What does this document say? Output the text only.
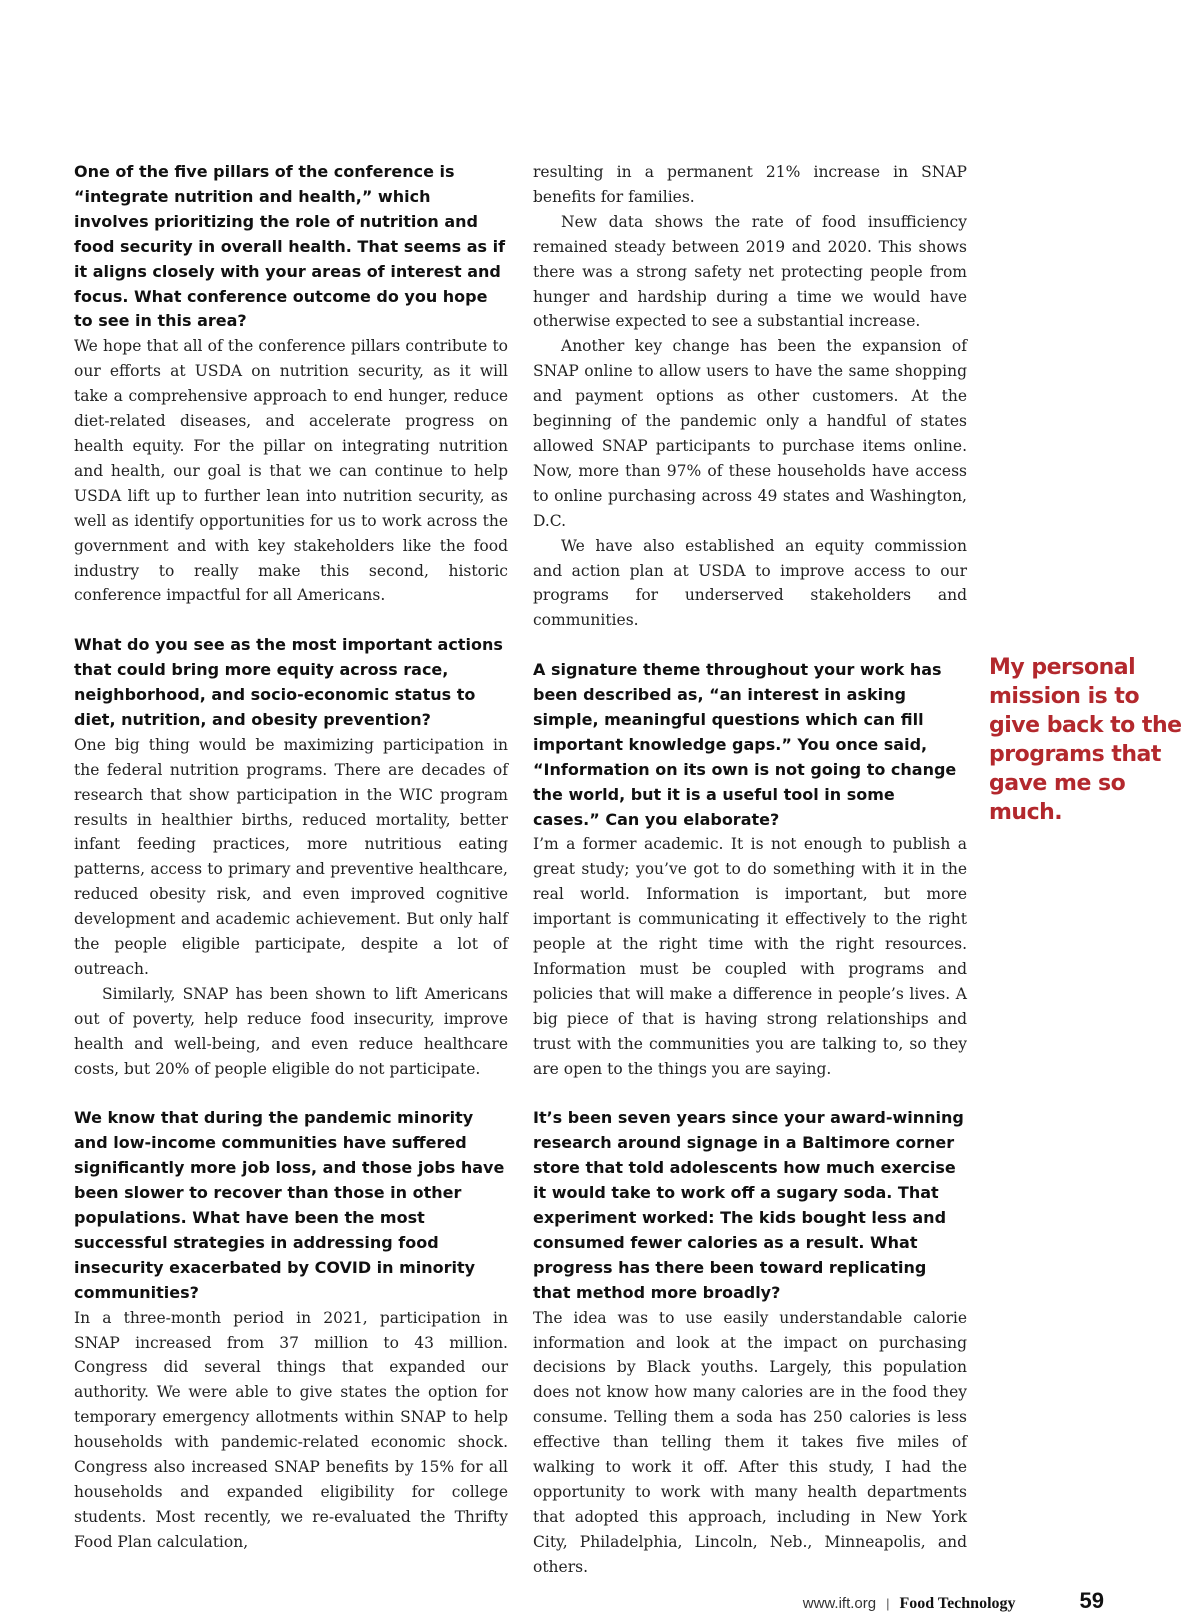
One of the five pillars of the conference is “integrate nutrition and health,” which involves prioritizing the role of nutrition and food security in overall health. That seems as if it aligns closely with your areas of interest and focus. What conference outcome do you hope to see in this area?

We hope that all of the conference pillars contribute to our efforts at USDA on nutrition security, as it will take a comprehensive approach to end hunger, reduce diet-related diseases, and accelerate progress on health equity. For the pillar on integrating nutrition and health, our goal is that we can continue to help USDA lift up to further lean into nutrition security, as well as identify opportunities for us to work across the government and with key stakeholders like the food industry to really make this second, historic conference impactful for all Americans.

What do you see as the most important actions that could bring more equity across race, neighborhood, and socio-economic status to diet, nutrition, and obesity prevention?

One big thing would be maximizing participation in the federal nutrition programs. There are decades of research that show participation in the WIC program results in healthier births, reduced mortality, better infant feeding practices, more nutritious eating patterns, access to primary and preventive healthcare, reduced obesity risk, and even improved cognitive development and academic achievement. But only half the people eligible participate, despite a lot of outreach.

Similarly, SNAP has been shown to lift Americans out of poverty, help reduce food insecurity, improve health and well-being, and even reduce healthcare costs, but 20% of people eligible do not participate.

We know that during the pandemic minority and low-income communities have suffered significantly more job loss, and those jobs have been slower to recover than those in other populations. What have been the most successful strategies in addressing food insecurity exacerbated by COVID in minority communities?

In a three-month period in 2021, participation in SNAP increased from 37 million to 43 million. Congress did several things that expanded our authority. We were able to give states the option for temporary emergency allotments within SNAP to help households with pandemic-related economic shock. Congress also increased SNAP benefits by 15% for all households and expanded eligibility for college students. Most recently, we re-evaluated the Thrifty Food Plan calculation,

resulting in a permanent 21% increase in SNAP benefits for families.

New data shows the rate of food insufficiency remained steady between 2019 and 2020. This shows there was a strong safety net protecting people from hunger and hardship during a time we would have otherwise expected to see a substantial increase.

Another key change has been the expansion of SNAP online to allow users to have the same shopping and payment options as other customers. At the beginning of the pandemic only a handful of states allowed SNAP participants to purchase items online. Now, more than 97% of these households have access to online purchasing across 49 states and Washington, D.C.

We have also established an equity commission and action plan at USDA to improve access to our programs for underserved stakeholders and communities.

A signature theme throughout your work has been described as, “an interest in asking simple, meaningful questions which can fill important knowledge gaps.” You once said, “Information on its own is not going to change the world, but it is a useful tool in some cases.” Can you elaborate?

I’m a former academic. It is not enough to publish a great study; you’ve got to do something with it in the real world. Information is important, but more important is communicating it effectively to the right people at the right time with the right resources. Information must be coupled with programs and policies that will make a difference in people’s lives. A big piece of that is having strong relationships and trust with the communities you are talking to, so they are open to the things you are saying.

It’s been seven years since your award-winning research around signage in a Baltimore corner store that told adolescents how much exercise it would take to work off a sugary soda. That experiment worked: The kids bought less and consumed fewer calories as a result. What progress has there been toward replicating that method more broadly?

The idea was to use easily understandable calorie information and look at the impact on purchasing decisions by Black youths. Largely, this population does not know how many calories are in the food they consume. Telling them a soda has 250 calories is less effective than telling them it takes five miles of walking to work it off. After this study, I had the opportunity to work with many health departments that adopted this approach, including in New York City, Philadelphia, Lincoln, Neb., Minneapolis, and others.

My personal mission is to give back to the programs that gave me so much.

www.ift.org | Food Technology	59
